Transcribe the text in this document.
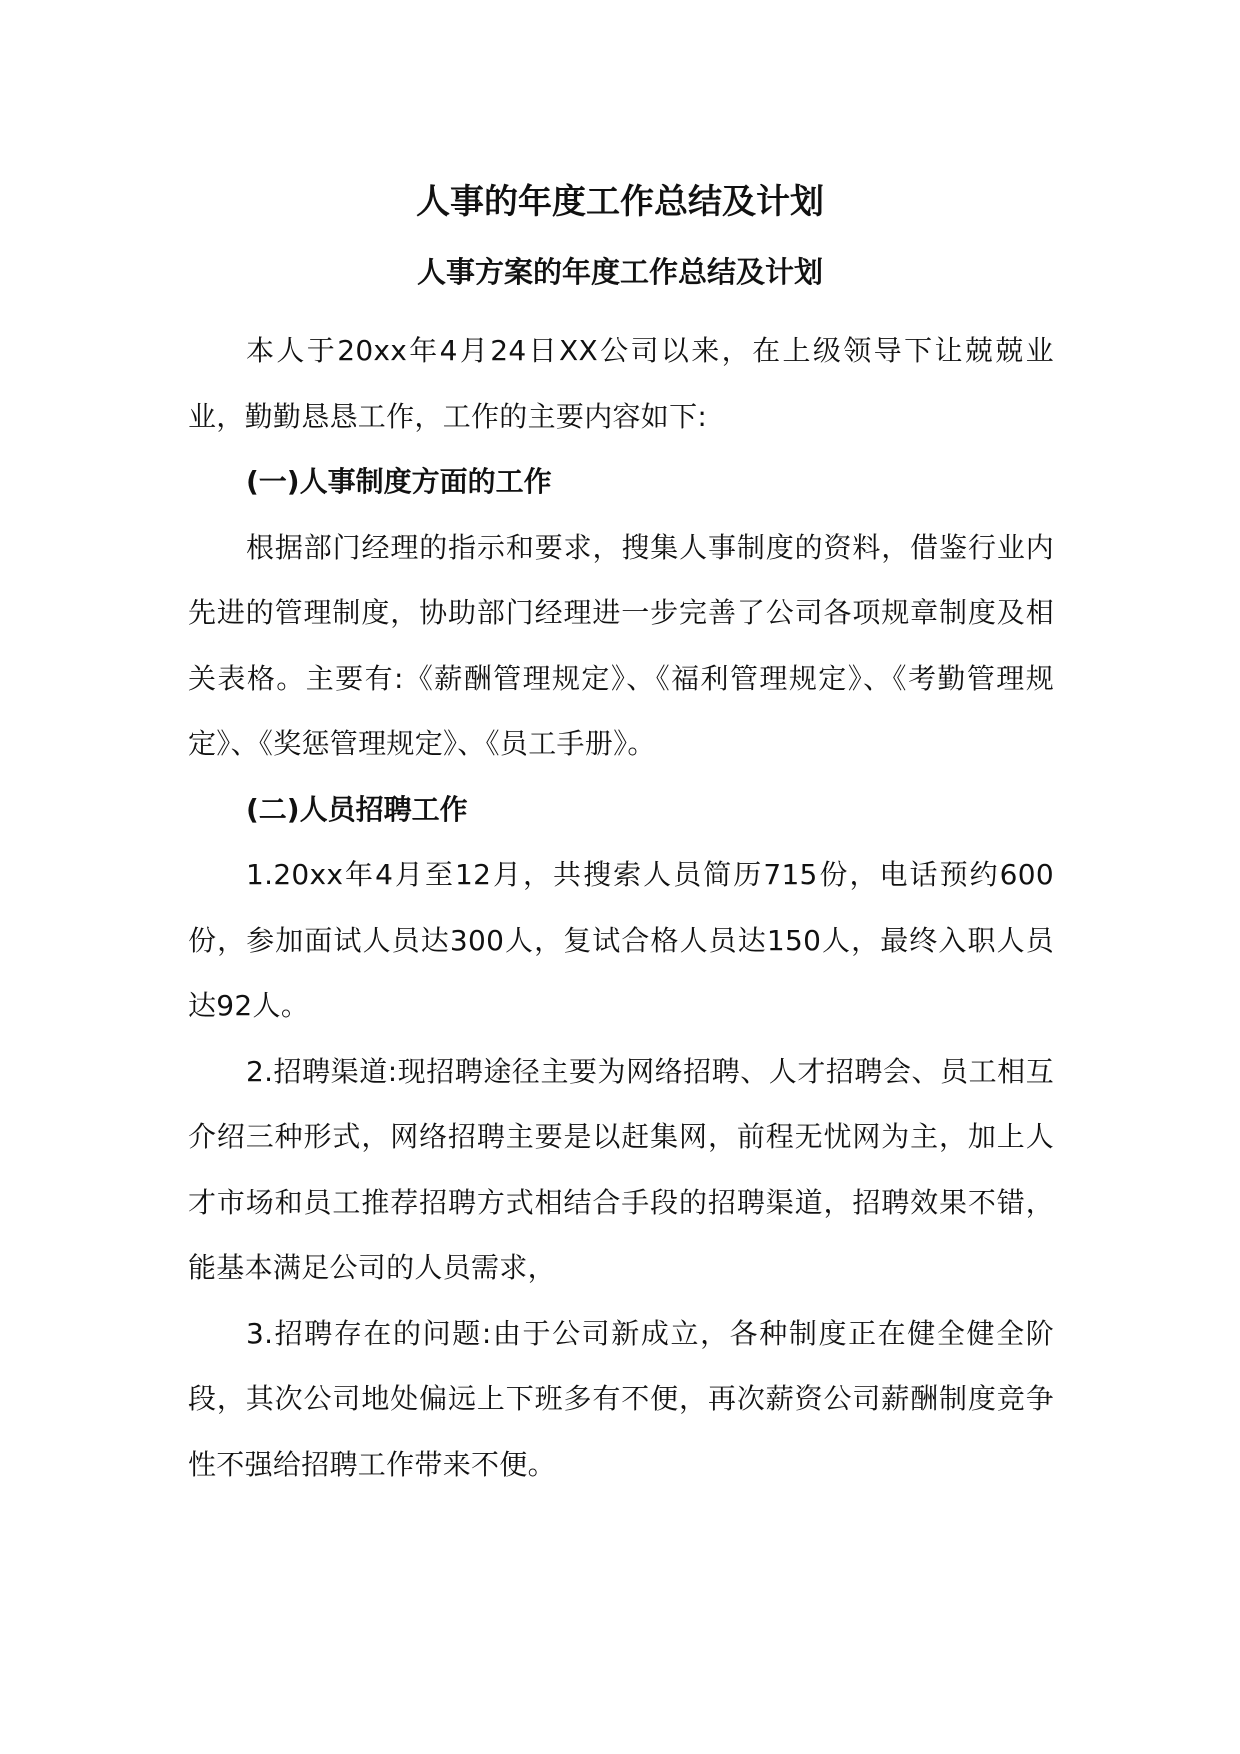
人事的年度工作总结及计划
人事方案的年度工作总结及计划

本人于20xx年4月24日XX公司以来，在上级领导下让兢兢业业，勤勤恳恳工作，工作的主要内容如下:

(一)人事制度方面的工作

根据部门经理的指示和要求，搜集人事制度的资料，借鉴行业内先进的管理制度，协助部门经理进一步完善了公司各项规章制度及相关表格。主要有:《薪酬管理规定》、《福利管理规定》、《考勤管理规定》、《奖惩管理规定》、《员工手册》。

(二)人员招聘工作

1.20xx年4月至12月，共搜索人员简历715份，电话预约600份，参加面试人员达300人，复试合格人员达150人，最终入职人员达92人。

2.招聘渠道:现招聘途径主要为网络招聘、人才招聘会、员工相互介绍三种形式，网络招聘主要是以赶集网，前程无忧网为主，加上人才市场和员工推荐招聘方式相结合手段的招聘渠道，招聘效果不错，能基本满足公司的人员需求，

3.招聘存在的问题:由于公司新成立，各种制度正在健全健全阶段，其次公司地处偏远上下班多有不便，再次薪资公司薪酬制度竞争性不强给招聘工作带来不便。
